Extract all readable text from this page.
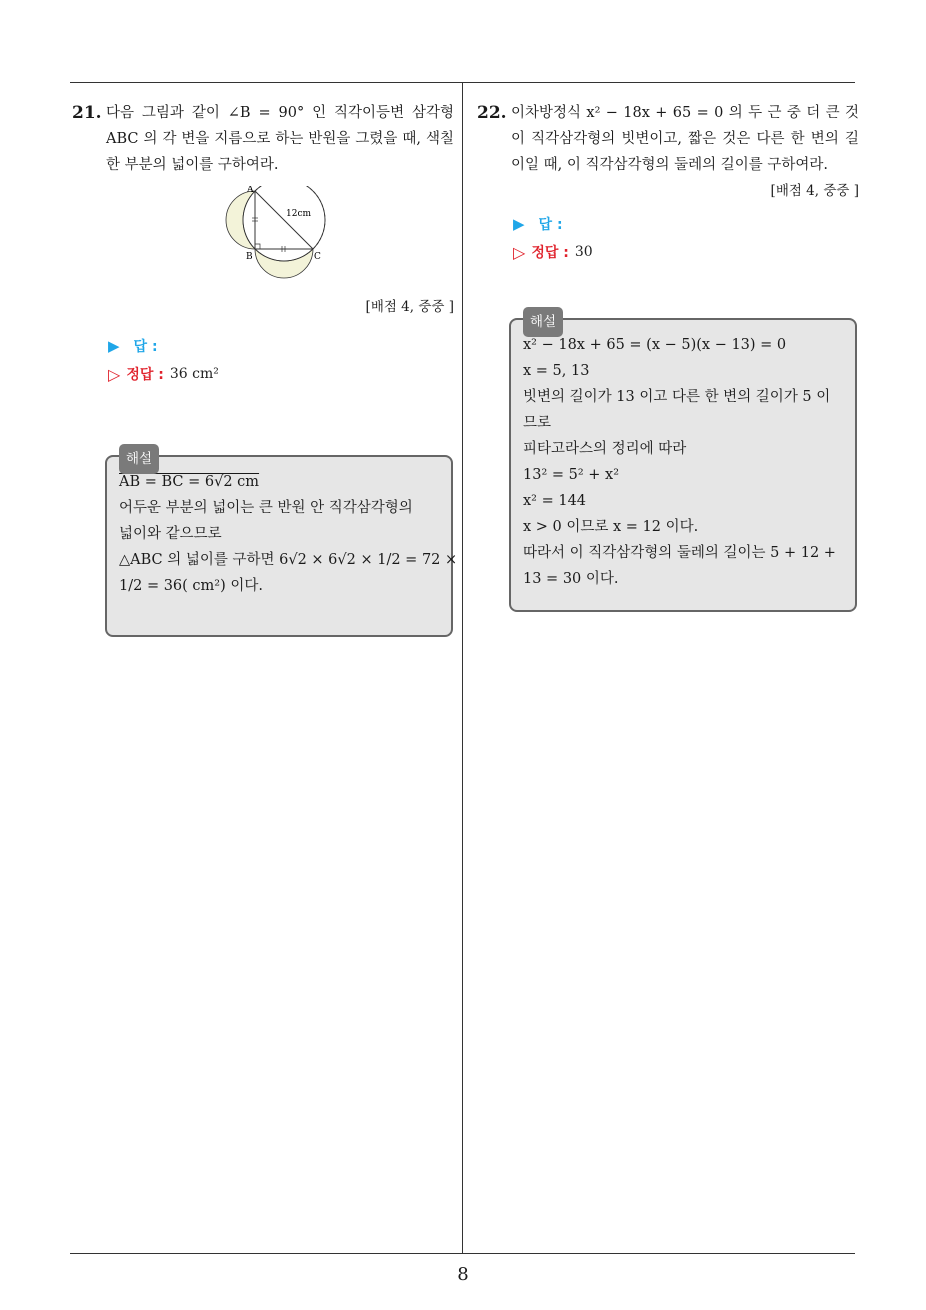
21. 다음 그림과 같이 ∠B = 90° 인 직각이등변 삼각형 ABC 의 각 변을 지름으로 하는 반원을 그렸을 때, 색칠한 부분의 넓이를 구하여라.
A
B	C
12cm
[배점 4, 중중 ]
▶ 답 :
▷ 정답 : 36 cm²
해설
AB = BC = 6√2 cm
어두운 부분의 넓이는 큰 반원 안 직각삼각형의
넓이와 같으므로
△ABC 의 넓이를 구하면 6√2 × 6√2 × 1/2 = 72 ×
1/2 = 36( cm²) 이다.
22. 이차방정식 x² − 18x + 65 = 0 의 두 근 중 더 큰 것이 직각삼각형의 빗변이고, 짧은 것은 다른 한 변의 길이일 때, 이 직각삼각형의 둘레의 길이를 구하여라.
[배점 4, 중중 ]
▶ 답 :
▷ 정답 : 30
해설
x² − 18x + 65 = (x − 5)(x − 13) = 0
x = 5, 13
빗변의 길이가 13 이고 다른 한 변의 길이가 5 이
므로
피타고라스의 정리에 따라
13² = 5² + x²
x² = 144
x > 0 이므로 x = 12 이다.
따라서 이 직각삼각형의 둘레의 길이는 5 + 12 +
13 = 30 이다.
8
